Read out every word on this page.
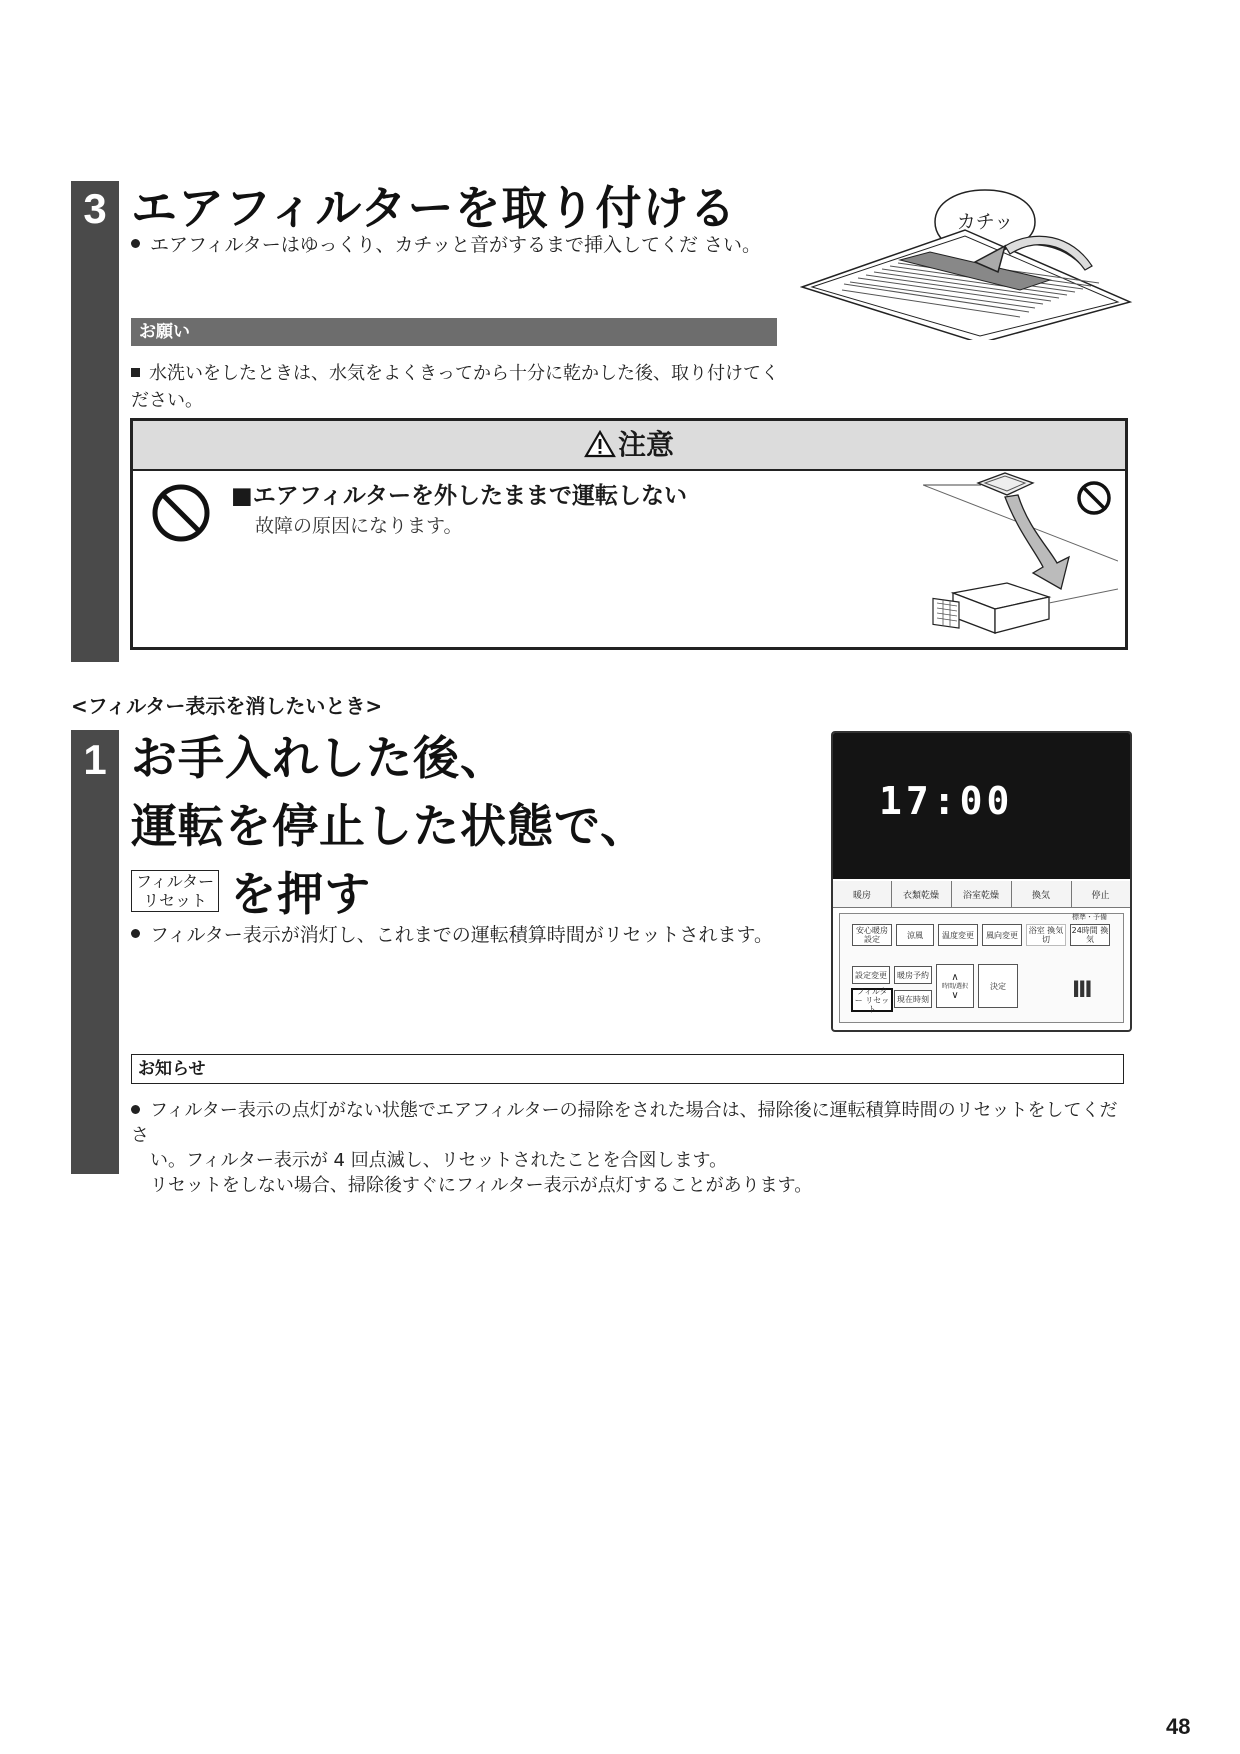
3 エアフィルターを取り付ける
エアフィルターはゆっくり、カチッと音がするまで挿入してくだ さい。
カチッ
お願い
水洗いをしたときは、水気をよくきってから十分に乾かした後、取り付けてく ださい。
注意
■エアフィルターを外したままで運転しない
故障の原因になります。
<フィルター表示を消したいとき>
1 お手入れした後、
運転を停止した状態で、
フィルター
リセット を押す
フィルター表示が消灯し、これまでの運転積算時間がリセットされます。
17:00
暖房	衣類乾燥	浴室乾燥	換気	停止
標準・予備
安心暖房 設定	涼風	温度変更	風向変更	浴室 換気切
24時間 換気
設定変更	暖房予約
フィルター リセット
現在時刻
∧
時間/選択
∨
決定	III
お知らせ
フィルター表示の点灯がない状態でエアフィルターの掃除をされた場合は、掃除後に運転積算時間のリセットをしてくださ
い。フィルター表示が 4 回点滅し、リセットされたことを合図します。
リセットをしない場合、掃除後すぐにフィルター表示が点灯することがあります。
48
